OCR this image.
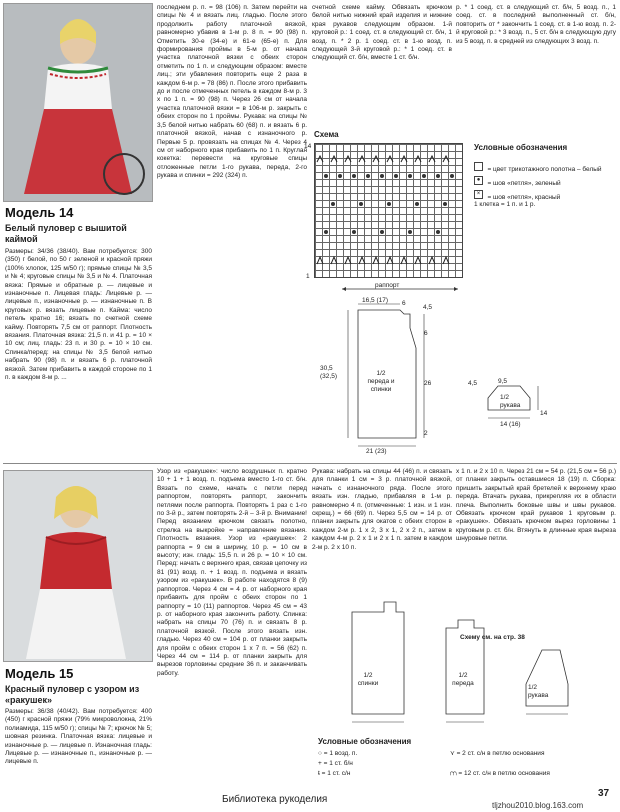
Модель 14
Белый пуловер с вышитой каймой
Размеры: 34/36 (38/40). Вам потребуется: 300 (350) г белой, по 50 г зеленой и красной пряжи (100% хлопок, 125 м/50 г); прямые спицы № 3,5 и № 4; круговые спицы № 3,5 и № 4. Платочная вязка: Прямые и обратные р. — лицевые и изнаночные п. Лицевая гладь: Лицевые р. — лицевые п., изнаночные р. — изнаночные п. В круговых р. вязать лицевые п. Кайма: число петель кратно 16; вязать по счетной схеме кайму. Повторять 7,5 см от раппорт. Плотность вязания. Платочная вязка: 21,5 п. и 41 р. = 10 × 10 см; лиц. гладь: 23 п. и 30 р. = 10 × 10 см. Спинка/перед: на спицы № 3,5 белой нитью набрать 90 (98) п. и вязать 6 р. платочной вязкой. Затем прибавить в каждой стороне по 1 п. в каждом 8-м р. ...
последнем р. п. = 98 (106) п. Затем перейти на спицы № 4 и вязать лиц. гладью. После этого продолжить работу платочной вязкой, равномерно убавив в 1-м р. 8 п. = 90 (98) п. Отметить 30-е (34-е) и 61-е (65-е) п. Для формирования проймы в 5-м р. от начала участка платочной вязки с обеих сторон отметить по 1 п. и следующим образом: вместе лиц.; эти убавления повторить еще 2 раза в каждом 6-м р. = 78 (86) п. После этого прибавить до и после отмеченных петель в каждом 8-м р. 3 х по 1 п. = 90 (98) п. Через 26 см от начала участка платочной вязки = в 106-м р. закрыть с обеих сторон по 1 проймы. Рукава: на спицы № 3,5 белой нитью набрать 60 (68) п. и вязать 6 р. платочной вязкой, начав с изнаночного р. Первые 5 р. провязать на спицах № 4. Через 4 см от наборного края прибавить по 1 п. Круглая кокетка: перевести на круговые спицы отложенные петли 1-го рукава, переда, 2-го рукава и спинки = 292 (324) п.
счетной схеме кайму. Обвязать крючком белой нитью нижний край изделия и нижние края рукавов следующим образом. 1-й круговой р.: 1 соед. ст. в следующий ст. б/н, 1 возд. п. * 2 р. 1 соед. ст. в 1-ю возд. п. следующей 3-й круговой р.: * 1 соед. ст. в следующий ст. б/н, вместе 1 ст. б/н.
р. * 1 соед. ст. в следующий ст. б/н, 5 возд. п., 1 соед. ст. в последний выполненный ст. б/н, повторить от * закончить 1 соед. ст. в 1-ю возд. п. 2-й круговой р.: * 3 возд. п., 5 ст. б/н в следующую дугу из 5 возд. п. в средней из следующих 3 возд. п.
Схема
14
1
раппорт
Условные обозначения
= цвет трикотажного полотна – белый
● = шов «петля», зеленый
× = шов «петля», красный
1 клетка = 1 п. и 1 р.
1/2 переда и спинки
1/2 рукава
16,5 (17) 6
4,5
6
30,5 (32,5)
26
2
21 (23)
4,5	9,5
14
14 (16)
Модель 15
Красный пуловер с узором из «ракушек»
Размеры: 36/38 (40/42). Вам потребуется: 400 (450) г красной пряжи (79% микроволокна, 21% полиамида, 115 м/50 г); спицы № 7; крючок № 5; шовная резинка. Платочная вязка: лицевые и изнаночные р. — лицевые п. Изнаночная гладь: Лицевые р. — изнаночные п., изнаночные р. — лицевые п.
Узор из «ракушек»: число воздушных п. кратно 10 + 1 + 1 возд. п. подъема вместо 1-го ст. б/н. Вязать по схеме, начать с петли перед раппортом, повторять раппорт, закончить петлями после раппорта. Повторять 1 раз с 1-го по 3-й р., затем повторять 2-й – 3-й р. Внимание! Перед вязанием крючком связать полотно, стрелка на выкройке = направление вязания. Плотность вязания. Узор из «ракушек»: 2 раппорта = 9 см в ширину, 10 р. = 10 см в высоту; изн. гладь: 15,5 п. и 26 р. = 10 × 10 см. Перед: начать с верхнего края, связав цепочку из 81 (91) возд. п. + 1 возд. п. подъема и вязать узором из «ракушек». В работе находятся 8 (9) раппортов. Через 4 см = 4 р. от наборного края прибавить для пройм с обеих сторон по 1 раппорту = 10 (11) раппортов. Через 45 см = 43 р. от наборного края закончить работу. Спинка: набрать на спицы 70 (76) п. и связать 8 р. платочной вязкой. После этого вязать изн. гладью. Через 40 см = 104 р. от планки закрыть для пройм с обеих сторон 1 х 7 п. = 56 (62) п. Через 44 см = 114 р. от планки закрыть для вырезов горловины средние 36 п. и заканчивать работу.
Рукава: набрать на спицы 44 (46) п. и связать для планки 1 см = 3 р. платочной вязкой, начать с изнаночного ряда. После этого вязать изн. гладью, прибавляя в 1-м р. равномерно 4 п. (отмеченные: 1 изн. и 1 изн. скрещ.) = 66 (69) п. Через 5,5 см = 14 р. от планки закрыть для окатов с обеих сторон в каждом 2-м р. 1 х 2, 3 х 1, 2 х 2 п., затем в каждом 4-м р. 2 х 1 и 2 х 1 п. затем в каждом 2-м р. 2 х 10 п.
х 1 п. и 2 х 10 п. Через 21 см = 54 р. (21,5 см = 56 р.) от планки закрыть оставшиеся 18 (19) п. Сборка: пришить закрытый край бретелей к верхнему краю переда. Втачать рукава, прикрепляя их в области плеча. Выполнить боковые швы и швы рукавов. Обвязать крючком край рукавов 1 круговым р. «ракушек». Обвязать крючком вырез горловины 1 круговым р. ст. б/н. Втянуть в длинные края выреза шнуровые петли.
Схему см. на стр. 38
1/2 спинки
1/2 переда
1/2 рукава
Условные обозначения
○ = 1 возд. п.
+ = 1 ст. б/н
ŧ = 1 ст. с/н
⋎ = 2 ст. с/н в петлю основания
⩋ = 12 ст. с/н в петлю основания
Библиотека рукоделия
37
tljzhou2010.blog.163.com
